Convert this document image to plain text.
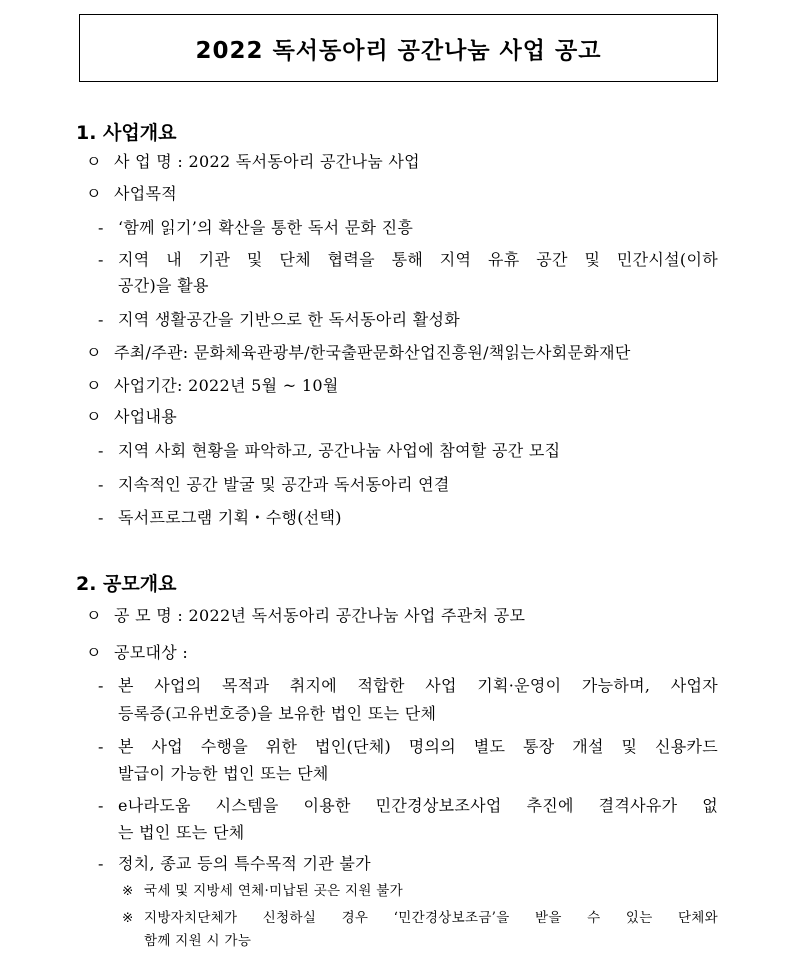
2022 독서동아리 공간나눔 사업 공고
1. 사업개요
ㅇ 사 업 명 : 2022 독서동아리 공간나눔 사업
ㅇ 사업목적
- ‘함께 읽기’의 확산을 통한 독서 문화 진흥
- 지역 내 기관 및 단체 협력을 통해 지역 유휴 공간 및 민간시설(이하
공간)을 활용
- 지역 생활공간을 기반으로 한 독서동아리 활성화
ㅇ 주최/주관: 문화체육관광부/한국출판문화산업진흥원/책읽는사회문화재단
ㅇ 사업기간: 2022년 5월 ~ 10월
ㅇ 사업내용
- 지역 사회 현황을 파악하고, 공간나눔 사업에 참여할 공간 모집
- 지속적인 공간 발굴 및 공간과 독서동아리 연결
- 독서프로그램 기획・수행(선택)
2. 공모개요
ㅇ 공 모 명 : 2022년 독서동아리 공간나눔 사업 주관처 공모
ㅇ 공모대상 :
- 본 사업의 목적과 취지에 적합한 사업 기획·운영이 가능하며, 사업자
등록증(고유번호증)을 보유한 법인 또는 단체
- 본 사업 수행을 위한 법인(단체) 명의의 별도 통장 개설 및 신용카드
발급이 가능한 법인 또는 단체
- e나라도움 시스템을 이용한 민간경상보조사업 추진에 결격사유가 없
는 법인 또는 단체
- 정치, 종교 등의 특수목적 기관 불가
※ 국세 및 지방세 연체·미납된 곳은 지원 불가
※ 지방자치단체가 신청하실 경우 ‘민간경상보조금’을 받을 수 있는 단체와
함께 지원 시 가능
